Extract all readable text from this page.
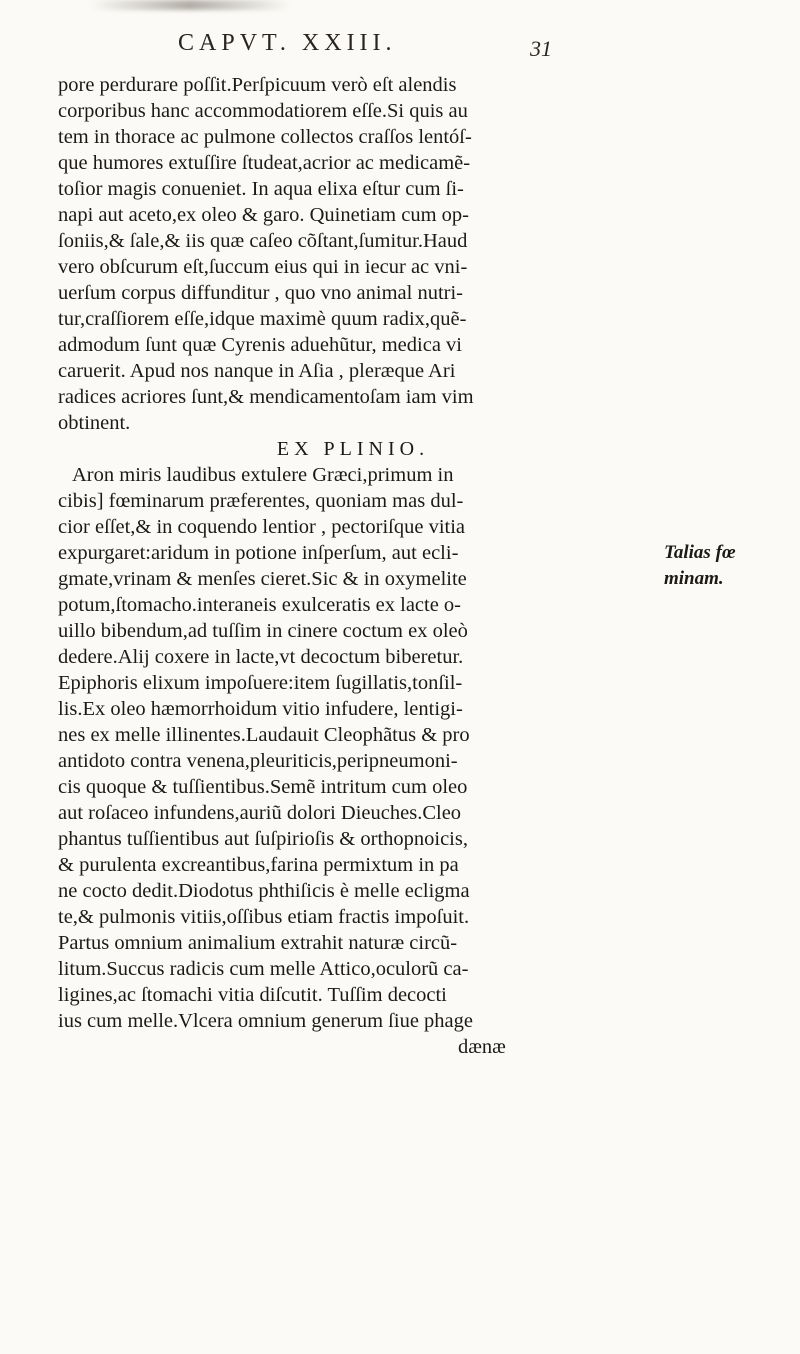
CAPVT. XXIII.	31
pore perdurare poſſit.Perſpicuum verò eſt alendis
corporibus hanc accommodatiorem eſſe.Si quis au
tem in thorace ac pulmone collectos craſſos lentóſ-
que humores extuſſire ſtudeat,acrior ac medicamẽ-
toſior magis conueniet. In aqua elixa eſtur cum ſi-
napi aut aceto,ex oleo & garo. Quinetiam cum op-
ſoniis,& ſale,& iis quæ caſeo cõſtant,ſumitur.Haud
vero obſcurum eſt,ſuccum eius qui in iecur ac vni-
uerſum corpus diffunditur , quo vno animal nutri-
tur,craſſiorem eſſe,idque maximè quum radix,quẽ-
admodum ſunt quæ Cyrenis aduehũtur, medica vi
caruerit. Apud nos nanque in Aſia , pleræque Ari
radices acriores ſunt,& mendicamentoſam iam vim
obtinent.
EX PLINIO.
Aron miris laudibus extulere Græci,primum in
cibis] fœminarum præferentes, quoniam mas dul-
cior eſſet,& in coquendo lentior , pectoriſque vitia
expurgaret:aridum in potione inſperſum, aut ecli-
gmate,vrinam & menſes cieret.Sic & in oxymelite
potum,ſtomacho.interaneis exulceratis ex lacte o-
uillo bibendum,ad tuſſim in cinere coctum ex oleò
dedere.Alij coxere in lacte,vt decoctum biberetur.
Epiphoris elixum impoſuere:item ſugillatis,tonſil-
lis.Ex oleo hæmorrhoidum vitio infudere, lentigi-
nes ex melle illinentes.Laudauit Cleophãtus & pro
antidoto contra venena,pleuriticis,peripneumoni-
cis quoque & tuſſientibus.Semẽ intritum cum oleo
aut roſaceo infundens,auriũ dolori Dieuches.Cleo
phantus tuſſientibus aut ſuſpirioſis & orthopnoicis,
& purulenta excreantibus,farina permixtum in pa
ne cocto dedit.Diodotus phthiſicis è melle ecligma
te,& pulmonis vitiis,oſſibus etiam fractis impoſuit.
Partus omnium animalium extrahit naturæ circũ-
litum.Succus radicis cum melle Attico,oculorũ ca-
ligines,ac ſtomachi vitia diſcutit. Tuſſim decocti
ius cum melle.Vlcera omnium generum ſiue phage
dænæ
Talias fœ
minam.
